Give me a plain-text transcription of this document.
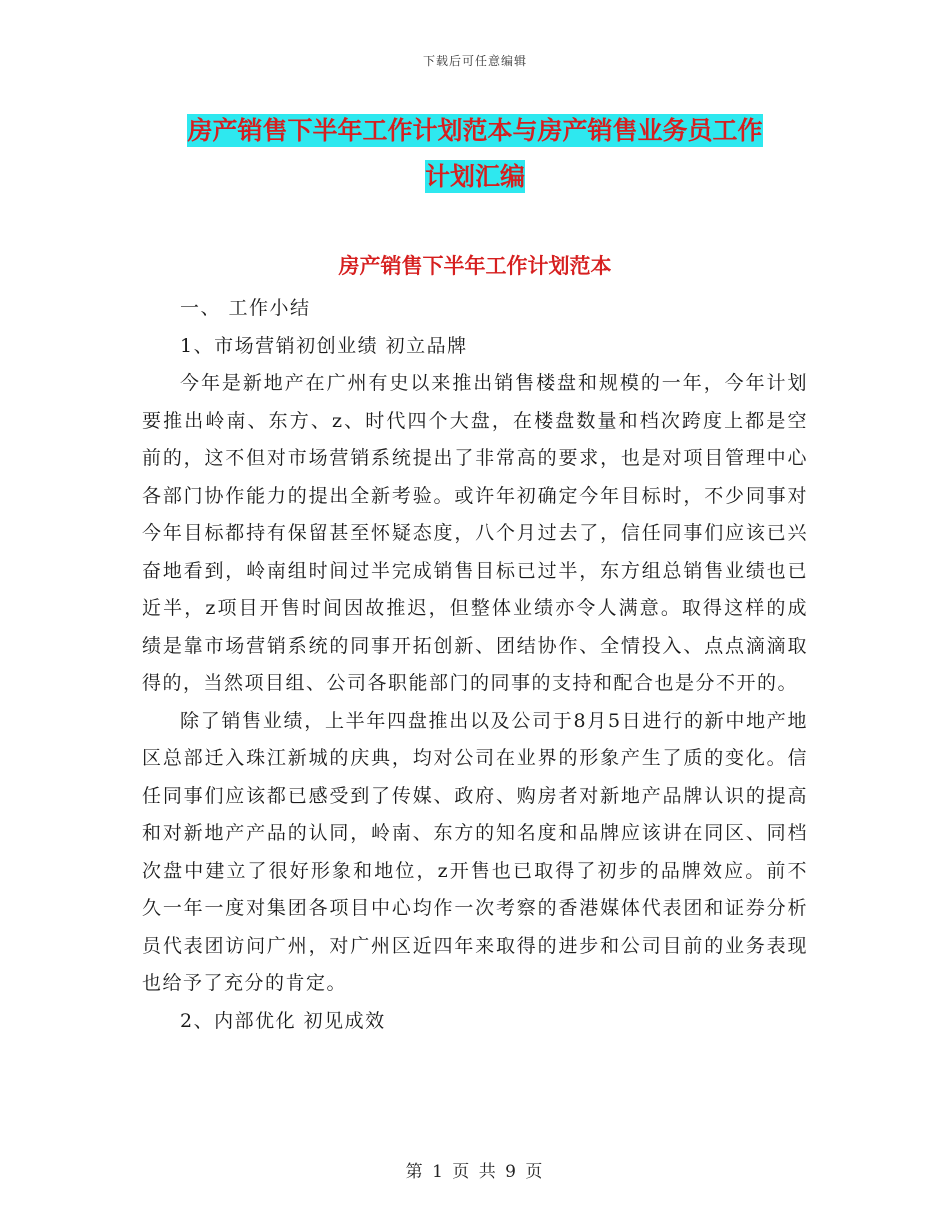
下载后可任意编辑
房产销售下半年工作计划范本与房产销售业务员工作
计划汇编
房产销售下半年工作计划范本

一、 工作小结

1、市场营销初创业绩 初立品牌

今年是新地产在广州有史以来推出销售楼盘和规模的一年，今年计划要推出岭南、东方、z、时代四个大盘，在楼盘数量和档次跨度上都是空前的，这不但对市场营销系统提出了非常高的要求，也是对项目管理中心各部门协作能力的提出全新考验。或许年初确定今年目标时，不少同事对今年目标都持有保留甚至怀疑态度，八个月过去了，信任同事们应该已兴奋地看到，岭南组时间过半完成销售目标已过半，东方组总销售业绩也已近半，z项目开售时间因故推迟，但整体业绩亦令人满意。取得这样的成绩是靠市场营销系统的同事开拓创新、团结协作、全情投入、点点滴滴取得的，当然项目组、公司各职能部门的同事的支持和配合也是分不开的。

除了销售业绩，上半年四盘推出以及公司于8月5日进行的新中地产地区总部迁入珠江新城的庆典，均对公司在业界的形象产生了质的变化。信任同事们应该都已感受到了传媒、政府、购房者对新地产品牌认识的提高和对新地产产品的认同，岭南、东方的知名度和品牌应该讲在同区、同档次盘中建立了很好形象和地位，z开售也已取得了初步的品牌效应。前不久一年一度对集团各项目中心均作一次考察的香港媒体代表团和证券分析员代表团访问广州，对广州区近四年来取得的进步和公司目前的业务表现也给予了充分的肯定。

2、内部优化 初见成效

第 1 页 共 9 页
